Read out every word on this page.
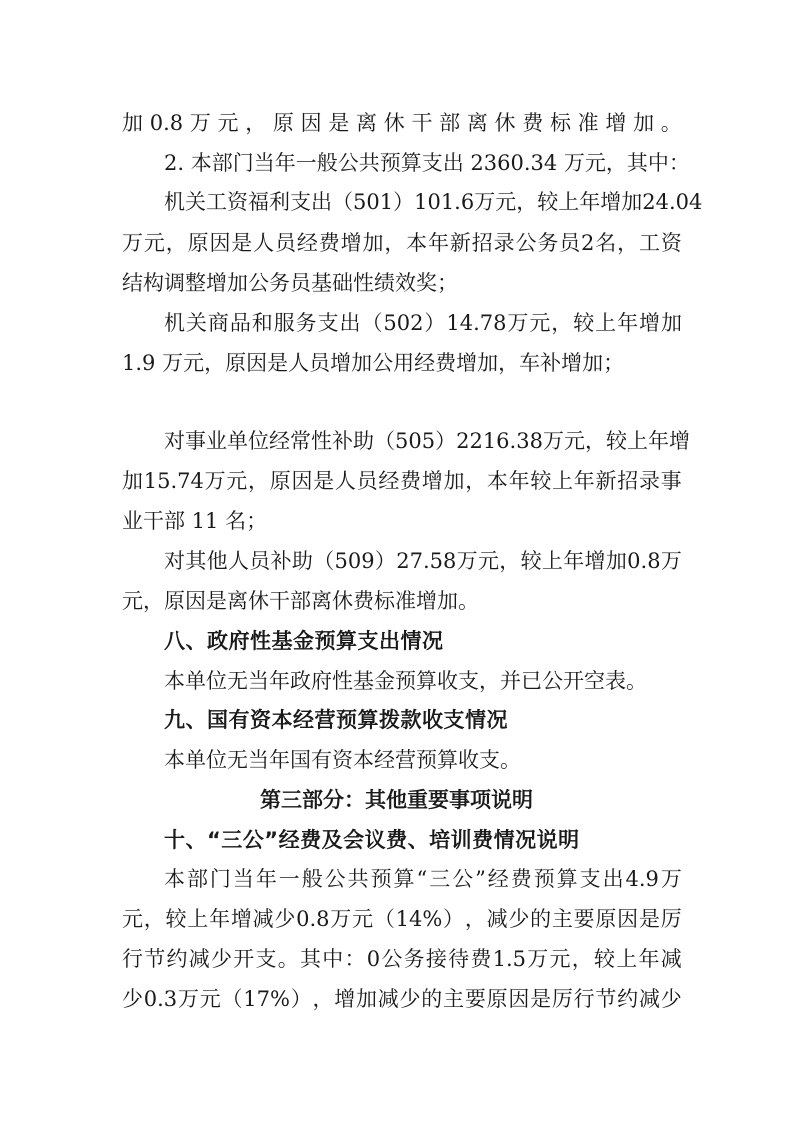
加 0.8 万 元 ， 原 因 是 离 休 干 部 离 休 费 标 准 增 加 。
2. 本部门当年一般公共预算支出 2360.34 万元，其中：
机 关 工 资 福 利 支 出 （ 501 ） 101.6 万 元 ， 较 上 年 增 加 24.04
万 元 ， 原 因 是 人 员 经 费 增 加 ， 本 年 新 招 录 公 务 员 2 名 ， 工 资
结构调整增加公务员基础性绩效奖；
机 关 商 品 和 服 务 支 出 （ 502 ） 14.78 万 元 ， 较 上 年 增 加
1.9 万元，原因是人员增加公用经费增加，车补增加；
对 事 业 单 位 经 常 性 补 助 （ 505 ） 2216.38 万 元 ， 较 上 年 增
加 15.74 万 元 ， 原 因 是 人 员 经 费 增 加 ， 本 年 较 上 年 新 招 录 事
业干部 11 名；
对 其 他 人 员 补 助 （ 509 ） 27.58 万 元 ， 较 上 年 增 加 0.8 万
元，原因是离休干部离休费标准增加。
八、政府性基金预算支出情况
本单位无当年政府性基金预算收支，并已公开空表。
九、国有资本经营预算拨款收支情况
本单位无当年国有资本经营预算收支。
第三部分：其他重要事项说明
十、“三公”经费及会议费、培训费情况说明
本 部 门 当 年 一 般 公 共 预 算 “ 三 公 ” 经 费 预 算 支 出 4.9 万
元 ， 较 上 年 增 减 少 0.8 万 元 （ 14% ） ， 减 少 的 主 要 原 因 是 厉
行 节 约 减 少 开 支 。 其 中 ： 0 公 务 接 待 费 1.5 万 元 ， 较 上 年 减
少 0.3 万 元 （ 17% ） ， 增 加 减 少 的 主 要 原 因 是 厉 行 节 约 减 少
